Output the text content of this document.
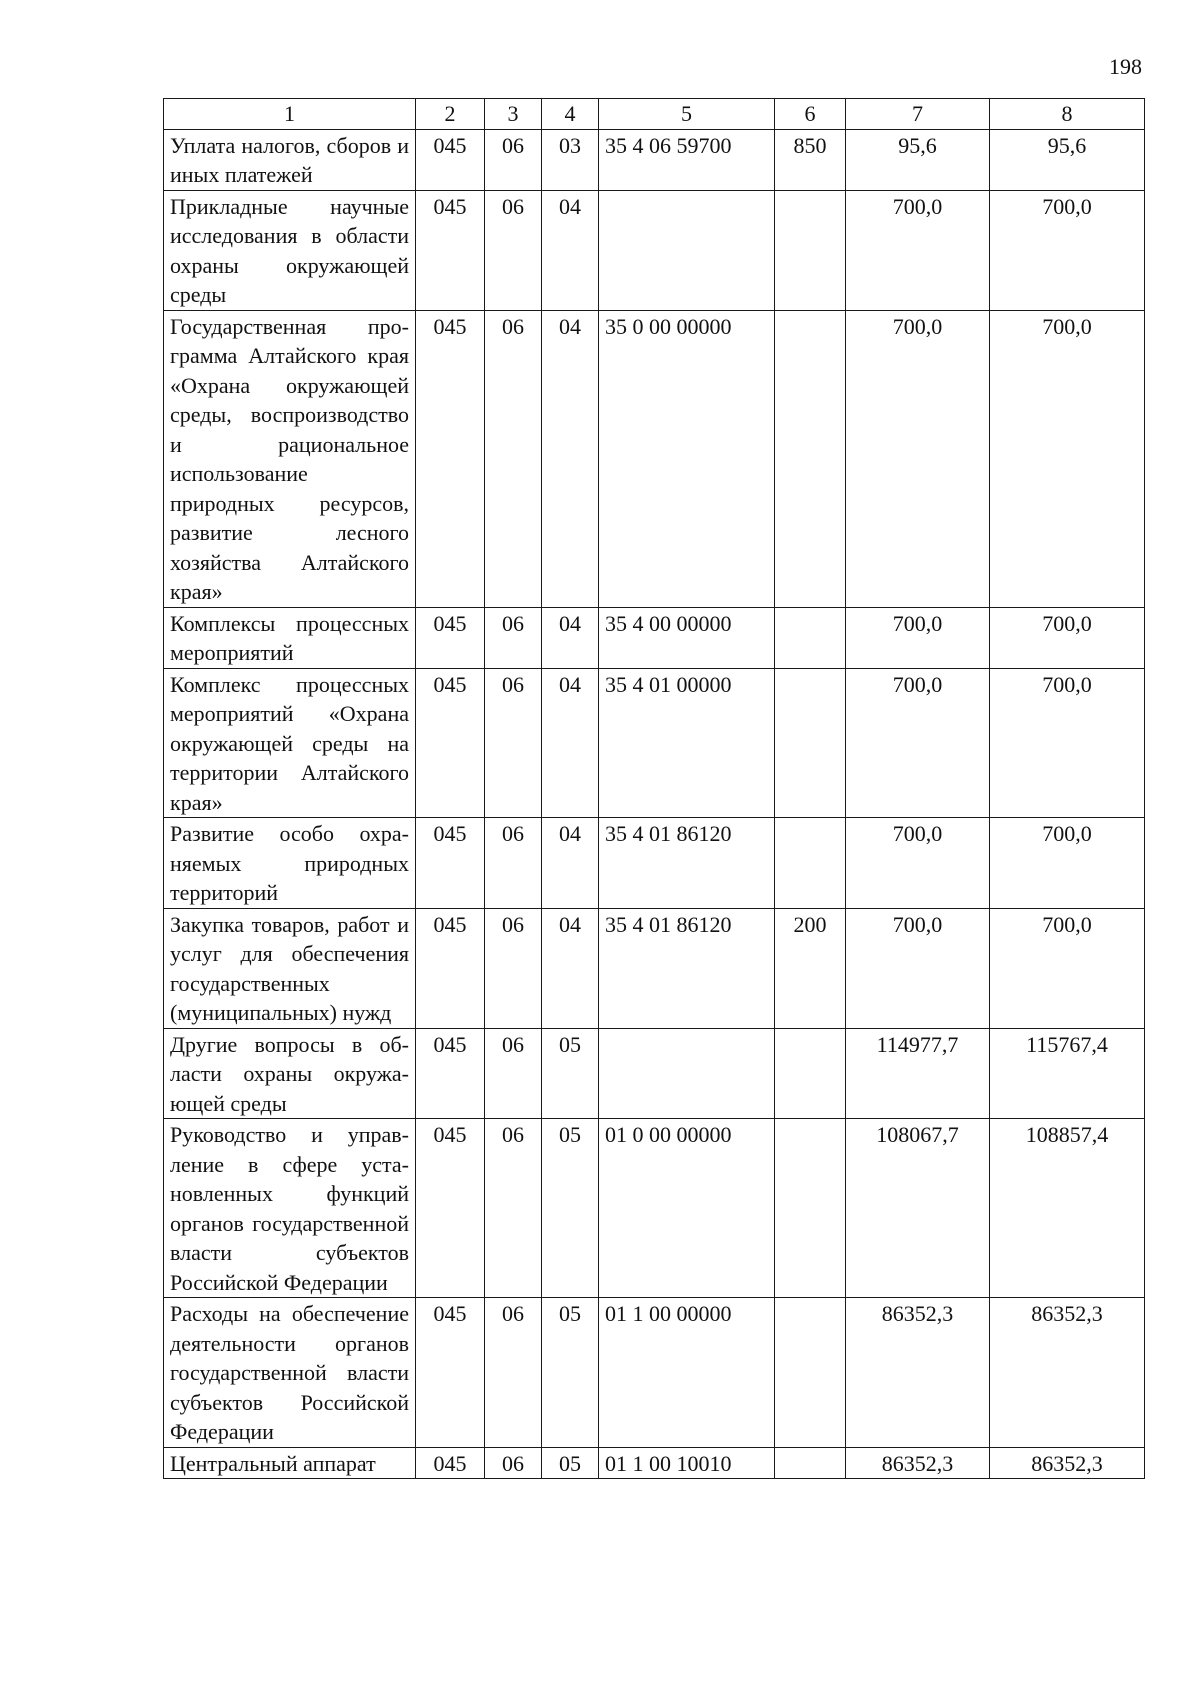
198
1	2	3	4	5	6	7	8
Уплата налогов, сборов и иных платежей	045	06	03	35 4 06 59700	850	95,6	95,6
Прикладные научные исследования в области охраны окружающей среды	045	06	04			700,0	700,0
Государственная программа Алтайского края «Охрана окружающей среды, воспроизводство и рациональное использование природных ресурсов, развитие лесного хозяйства Алтайского края»	045	06	04	35 0 00 00000		700,0	700,0
Комплексы процессных мероприятий	045	06	04	35 4 00 00000		700,0	700,0
Комплекс процессных мероприятий «Охрана окружающей среды на территории Алтайского края»	045	06	04	35 4 01 00000		700,0	700,0
Развитие особо охраняемых природных территорий	045	06	04	35 4 01 86120		700,0	700,0
Закупка товаров, работ и услуг для обеспечения государственных (муниципальных) нужд	045	06	04	35 4 01 86120	200	700,0	700,0
Другие вопросы в области охраны окружающей среды	045	06	05			114977,7	115767,4
Руководство и управление в сфере установленных функций органов государственной власти субъектов Российской Федерации	045	06	05	01 0 00 00000		108067,7	108857,4
Расходы на обеспечение деятельности органов государственной власти субъектов Российской Федерации	045	06	05	01 1 00 00000		86352,3	86352,3
Центральный аппарат	045	06	05	01 1 00 10010		86352,3	86352,3
